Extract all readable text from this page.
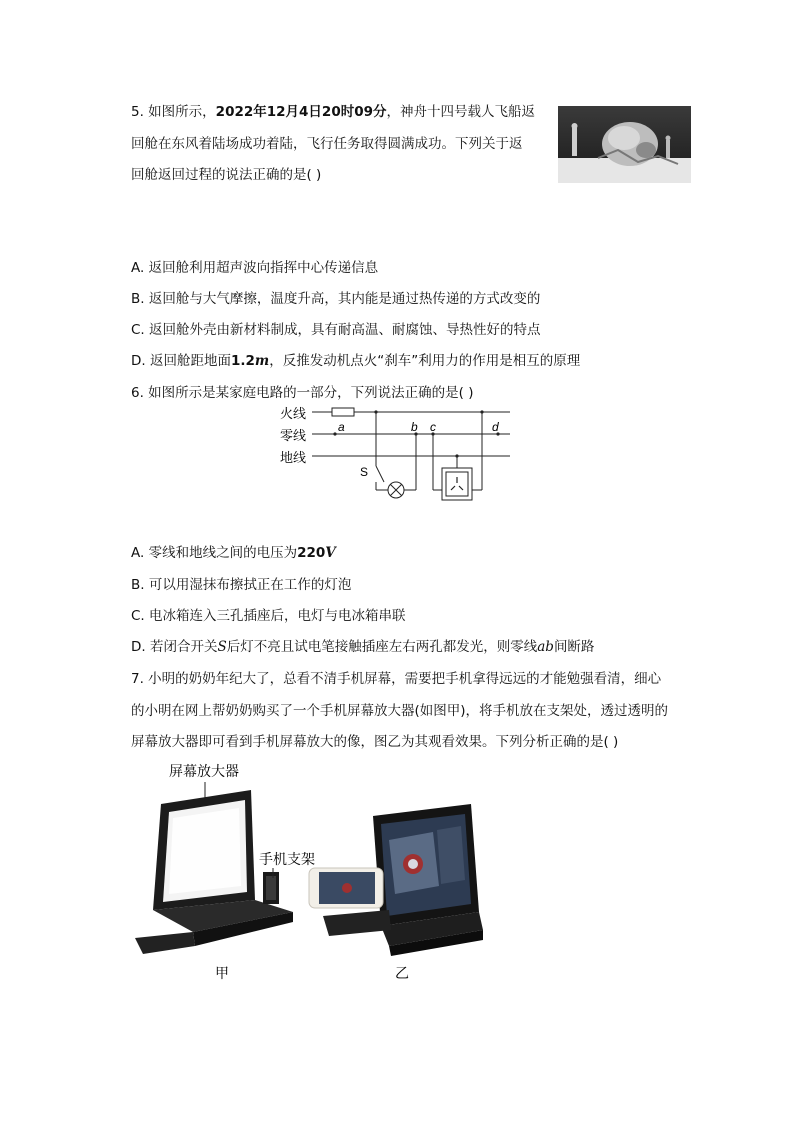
5. 如图所示，2022年12月4日20时09分，神舟十四号载人飞船返
回舱在东风着陆场成功着陆，飞行任务取得圆满成功。下列关于返
回舱返回过程的说法正确的是( )
A. 返回舱利用超声波向指挥中心传递信息
B. 返回舱与大气摩擦，温度升高，其内能是通过热传递的方式改变的
C. 返回舱外壳由新材料制成，具有耐高温、耐腐蚀、导热性好的特点
D. 返回舱距地面1.2m，反推发动机点火“刹车”利用力的作用是相互的原理
6. 如图所示是某家庭电路的一部分，下列说法正确的是( )
火线
零线
地线
a
S
b c	d
A. 零线和地线之间的电压为220V
B. 可以用湿抹布擦拭正在工作的灯泡
C. 电冰箱连入三孔插座后，电灯与电冰箱串联
D. 若闭合开关S后灯不亮且试电笔接触插座左右两孔都发光，则零线ab间断路
7. 小明的奶奶年纪大了，总看不清手机屏幕，需要把手机拿得远远的才能勉强看清，细心
的小明在网上帮奶奶购买了一个手机屏幕放大器(如图甲)，将手机放在支架处，透过透明的
屏幕放大器即可看到手机屏幕放大的像，图乙为其观看效果。下列分析正确的是( )
屏幕放大器
手机支架
甲	乙
